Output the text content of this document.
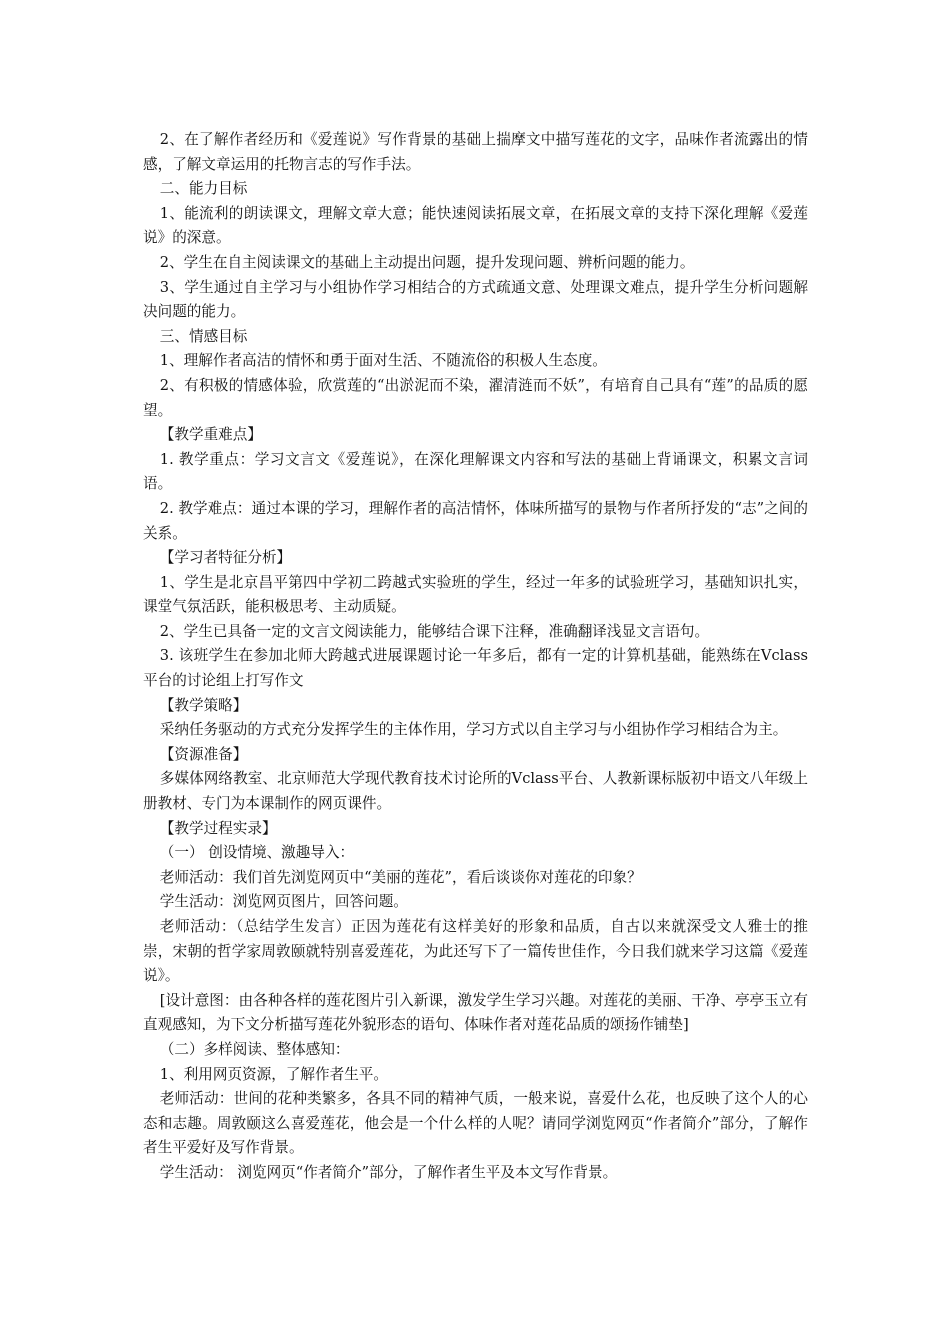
2、在了解作者经历和《爱莲说》写作背景的基础上揣摩文中描写莲花的文字，品味作者流露出的情感，了解文章运用的托物言志的写作手法。

二、能力目标

1、能流利的朗读课文，理解文章大意；能快速阅读拓展文章，在拓展文章的支持下深化理解《爱莲说》的深意。

2、学生在自主阅读课文的基础上主动提出问题，提升发现问题、辨析问题的能力。

3、学生通过自主学习与小组协作学习相结合的方式疏通文意、处理课文难点，提升学生分析问题解决问题的能力。

三、情感目标

1、理解作者高洁的情怀和勇于面对生活、不随流俗的积极人生态度。

2、有积极的情感体验，欣赏莲的“出淤泥而不染，濯清涟而不妖”，有培育自己具有“莲”的品质的愿望。

【教学重难点】

1. 教学重点：学习文言文《爱莲说》，在深化理解课文内容和写法的基础上背诵课文，积累文言词语。

2. 教学难点：通过本课的学习，理解作者的高洁情怀，体味所描写的景物与作者所抒发的“志”之间的关系。

【学习者特征分析】

1、学生是北京昌平第四中学初二跨越式实验班的学生，经过一年多的试验班学习，基础知识扎实，课堂气氛活跃，能积极思考、主动质疑。

2、学生已具备一定的文言文阅读能力，能够结合课下注释，准确翻译浅显文言语句。

3. 该班学生在参加北师大跨越式进展课题讨论一年多后，都有一定的计算机基础，能熟练在Vclass平台的讨论组上打写作文

【教学策略】

采纳任务驱动的方式充分发挥学生的主体作用，学习方式以自主学习与小组协作学习相结合为主。

【资源准备】

多媒体网络教室、北京师范大学现代教育技术讨论所的Vclass平台、人教新课标版初中语文八年级上册教材、专门为本课制作的网页课件。

【教学过程实录】

（一） 创设情境、激趣导入：

老师活动：我们首先浏览网页中“美丽的莲花”，看后谈谈你对莲花的印象？

学生活动：浏览网页图片，回答问题。

老师活动：（总结学生发言）正因为莲花有这样美好的形象和品质，自古以来就深受文人雅士的推崇，宋朝的哲学家周敦颐就特别喜爱莲花，为此还写下了一篇传世佳作，今日我们就来学习这篇《爱莲说》。

[设计意图：由各种各样的莲花图片引入新课，激发学生学习兴趣。对莲花的美丽、干净、亭亭玉立有直观感知，为下文分析描写莲花外貌形态的语句、体味作者对莲花品质的颂扬作铺垫]

（二）多样阅读、整体感知：

1、利用网页资源，了解作者生平。

老师活动：世间的花种类繁多，各具不同的精神气质，一般来说，喜爱什么花，也反映了这个人的心态和志趣。周敦颐这么喜爱莲花，他会是一个什么样的人呢？请同学浏览网页“作者简介”部分，了解作者生平爱好及写作背景。

学生活动： 浏览网页“作者简介”部分，了解作者生平及本文写作背景。
